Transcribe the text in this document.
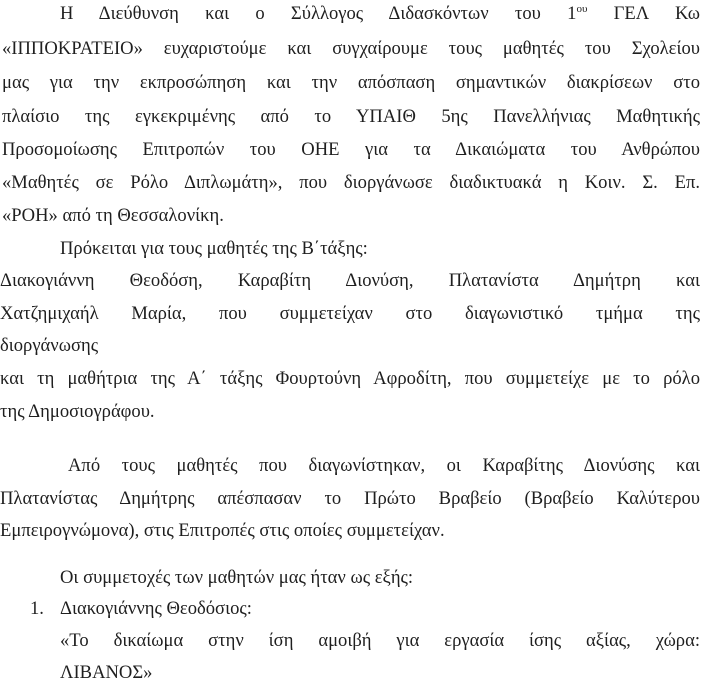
Η Διεύθυνση και ο Σύλλογος Διδασκόντων του $1^{o\upsilon}$ ΓΕΛ Κω
«ΙΠΠΟΚΡΑΤΕΙΟ» ευχαριστούμε και συγχαίρουμε τους μαθητές του Σχολείου
μας για την εκπροσώπηση και την απόσπαση σημαντικών διακρίσεων στο
πλαίσιο της εγκεκριμένης από το ΥΠΑΙΘ 5ης Πανελλήνιας Μαθητικής
Προσομοίωσης Επιτροπών του ΟΗΕ για τα Δικαιώματα του Ανθρώπου
«Μαθητές σε Ρόλο Διπλωμάτη», που διοργάνωσε διαδικτυακά η Κοιν. Σ. Επ.
«ΡΟΗ» από τη Θεσσαλονίκη.
Πρόκειται για τους μαθητές της Β΄τάξης:
Διακογιάννη Θεοδόση, Καραβίτη Διονύση, Πλατανίστα Δημήτρη και
Χατζημιχαήλ Μαρία, που συμμετείχαν στο διαγωνιστικό τμήμα της
διοργάνωσης
και τη μαθήτρια της Α΄ τάξης Φουρτούνη Αφροδίτη, που συμμετείχε με το ρόλο
της Δημοσιογράφου.
Από τους μαθητές που διαγωνίστηκαν, οι Καραβίτης Διονύσης και
Πλατανίστας Δημήτρης απέσπασαν το Πρώτο Βραβείο (Βραβείο Καλύτερου
Εμπειρογνώμονα), στις Επιτροπές στις οποίες συμμετείχαν.
Οι συμμετοχές των μαθητών μας ήταν ως εξής:
1. Διακογιάννης Θεοδόσιος:
«Το δικαίωμα στην ίση αμοιβή για εργασία ίσης αξίας, χώρα:
ΛΙΒΑΝΟΣ»
